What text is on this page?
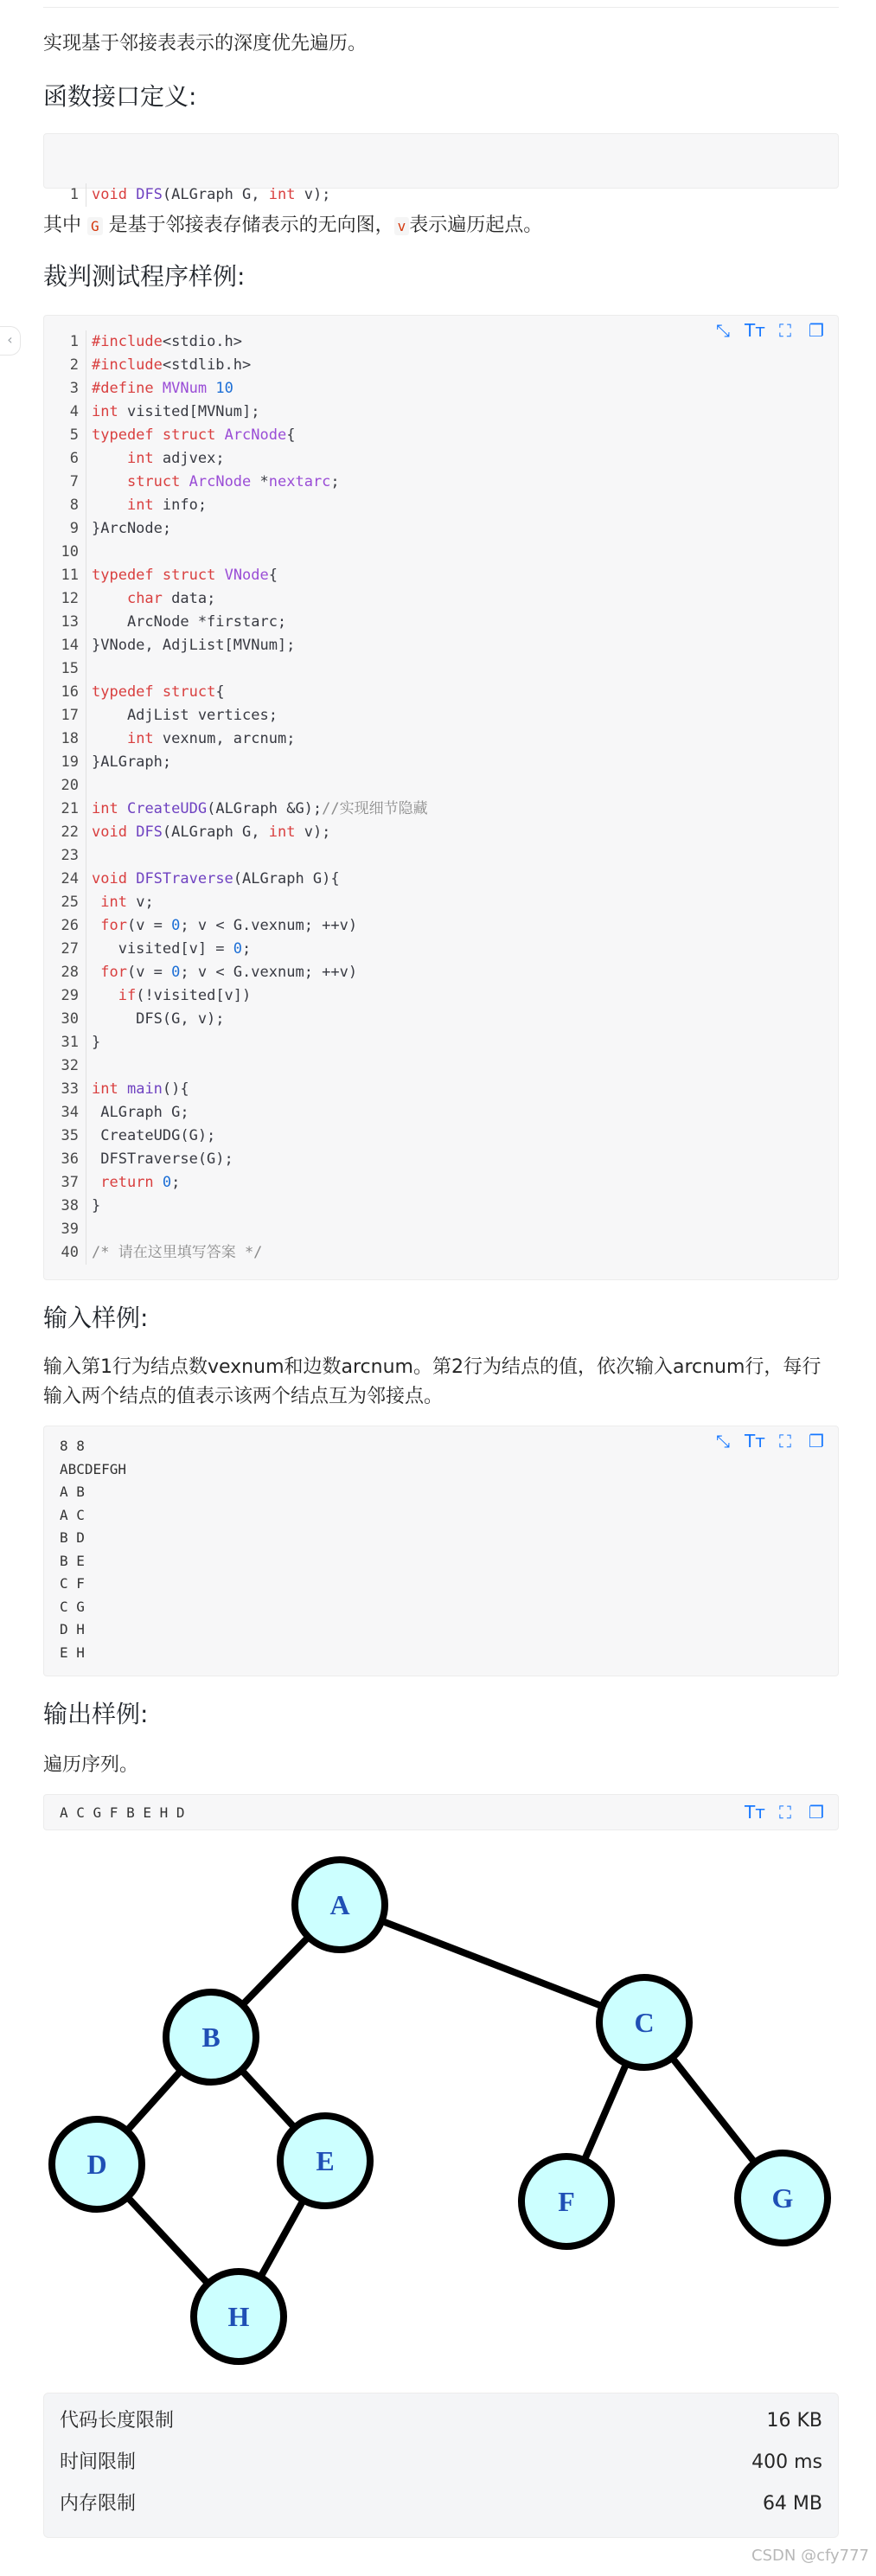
‹
实现基于邻接表表示的深度优先遍历。
函数接口定义:

1 void DFS(ALGraph G, int v);

其中 G 是基于邻接表存储表示的无向图， v 表示遍历起点。
裁判测试程序样例:
⤡ Tт ⛶ ❐
1 #include<stdio.h>
2 #include<stdlib.h>
3 #define MVNum 10
4 int visited[MVNum];
5 typedef struct ArcNode{
6	int adjvex;
7	struct ArcNode *nextarc;
8	int info;
9 }ArcNode;
10
11 typedef struct VNode{
12	char data;
13    ArcNode *firstarc;
14 }VNode, AdjList[MVNum];
15
16 typedef struct{
17    AdjList vertices;
18	int vexnum, arcnum;
19 }ALGraph;
20
21 int CreateUDG(ALGraph &G);//实现细节隐藏
22 void DFS(ALGraph G, int v);
23
24 void DFSTraverse(ALGraph G){
25 int v;
26 for(v = 0; v < G.vexnum; ++v)
27   visited[v] = 0;
28 for(v = 0; v < G.vexnum; ++v)
29	if(!visited[v])
30     DFS(G, v);
31 }
32
33 int main(){
34 ALGraph G;
35 CreateUDG(G);
36 DFSTraverse(G);
37 return 0;
38 }
39
40 /* 请在这里填写答案 */
输入样例:
输入第1行为结点数vexnum和边数arcnum。第2行为结点的值，依次输入arcnum行，每行输入两个结点的值表示该两个结点互为邻接点。
⤡ Tт ⛶ ❐
8 8
ABCDEFGH
A B
A C
B D
B E
C F
C G
D H
E H
输出样例:
遍历序列。
Tт ⛶ ❐
A C G F B E H D
A
B	C
D	E
F	G
H
代码长度限制	16 KB
时间限制	400 ms
内存限制	64 MB
CSDN @cfy777
